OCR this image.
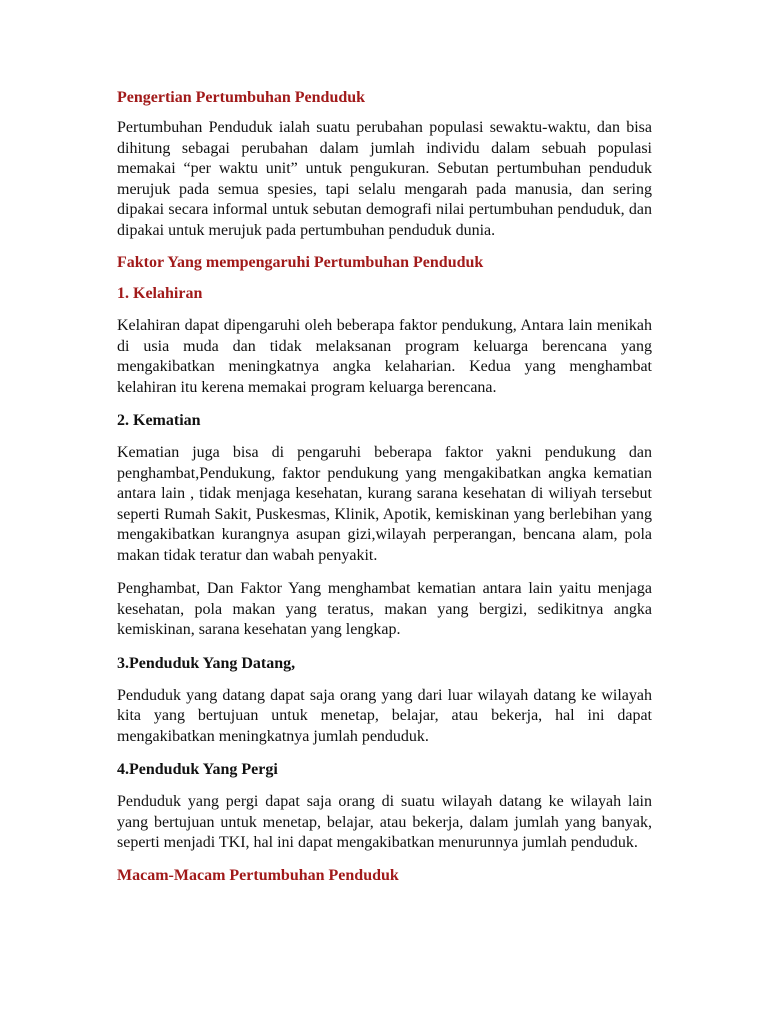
Pengertian Pertumbuhan Penduduk

Pertumbuhan Penduduk ialah suatu perubahan populasi sewaktu-waktu, dan bisa dihitung sebagai perubahan dalam jumlah individu dalam sebuah populasi memakai “per waktu unit” untuk pengukuran. Sebutan pertumbuhan penduduk merujuk pada semua spesies, tapi selalu mengarah pada manusia, dan sering dipakai secara informal untuk sebutan demografi nilai pertumbuhan penduduk, dan dipakai untuk merujuk pada pertumbuhan penduduk dunia.

Faktor Yang mempengaruhi Pertumbuhan Penduduk
1. Kelahiran

Kelahiran dapat dipengaruhi oleh beberapa faktor pendukung, Antara lain menikah di usia muda dan tidak melaksanan program keluarga berencana yang mengakibatkan meningkatnya angka kelaharian. Kedua yang menghambat kelahiran itu kerena memakai program keluarga berencana.

2. Kematian

Kematian juga bisa di pengaruhi beberapa faktor yakni pendukung dan penghambat,Pendukung, faktor pendukung yang mengakibatkan angka kematian antara lain , tidak menjaga kesehatan, kurang sarana kesehatan di wiliyah tersebut seperti Rumah Sakit, Puskesmas, Klinik, Apotik, kemiskinan yang berlebihan yang mengakibatkan kurangnya asupan gizi,wilayah perperangan, bencana alam, pola makan tidak teratur dan wabah penyakit.

Penghambat, Dan Faktor Yang menghambat kematian antara lain yaitu menjaga kesehatan, pola makan yang teratus, makan yang bergizi, sedikitnya angka kemiskinan, sarana kesehatan yang lengkap.

3.Penduduk Yang Datang,

Penduduk yang datang dapat saja orang yang dari luar wilayah datang ke wilayah kita yang bertujuan untuk menetap, belajar, atau bekerja, hal ini dapat mengakibatkan meningkatnya jumlah penduduk.

4.Penduduk Yang Pergi

Penduduk yang pergi dapat saja orang di suatu wilayah datang ke wilayah lain yang bertujuan untuk menetap, belajar, atau bekerja, dalam jumlah yang banyak, seperti menjadi TKI, hal ini dapat mengakibatkan menurunnya jumlah penduduk.

Macam-Macam Pertumbuhan Penduduk
